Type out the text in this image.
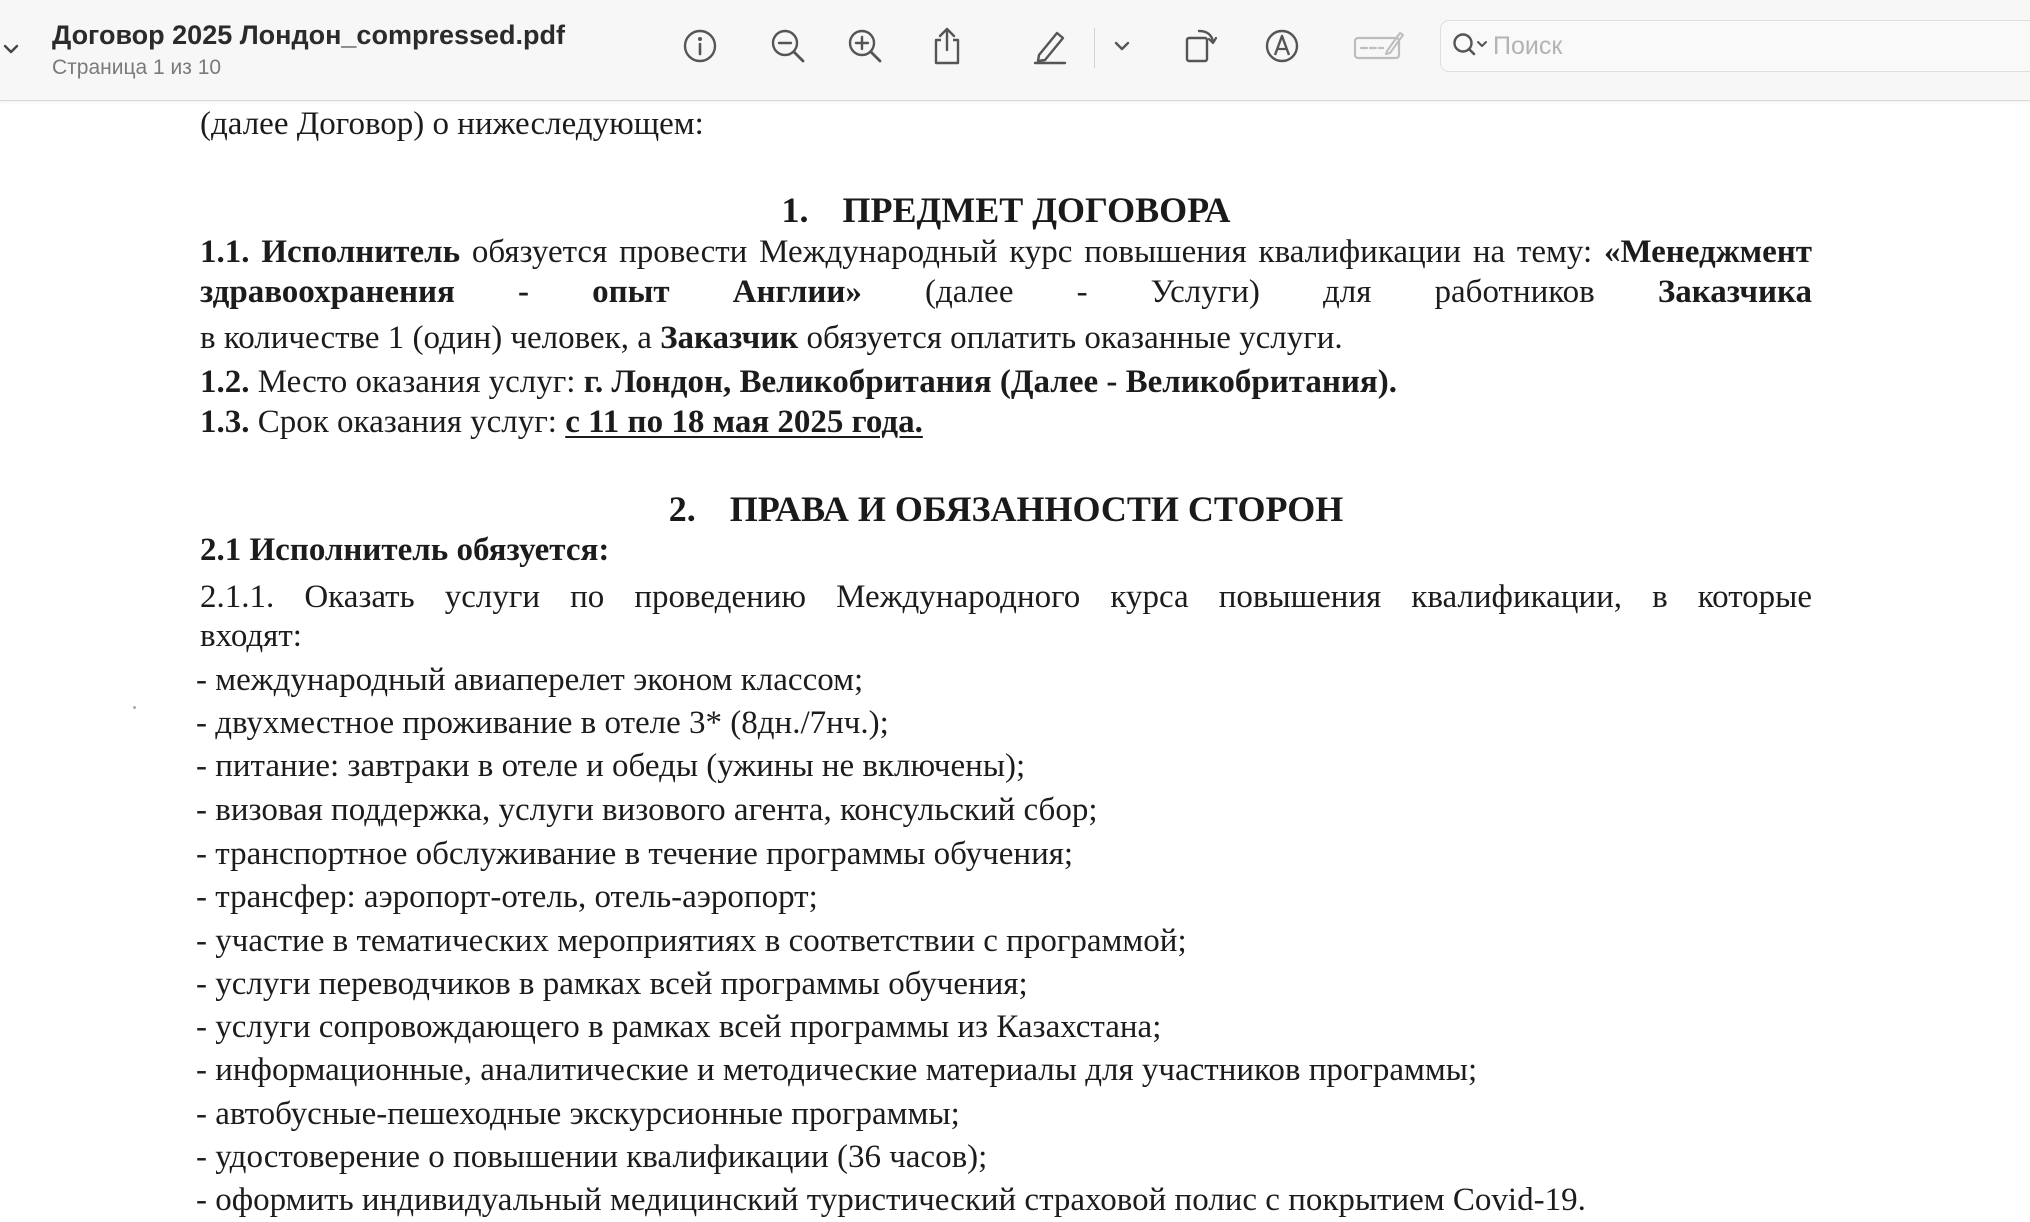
(далее Договор) о нижеследующем:
1. ПРЕДМЕТ ДОГОВОРА
1.1. Исполнитель обязуется провести Международный курс повышения квалификации на тему: «Менеджмент здравоохранения - опыт Англии» (далее - Услуги) для работников Заказчика
в количестве 1 (один) человек, а Заказчик обязуется оплатить оказанные услуги.
1.2. Место оказания услуг: г. Лондон, Великобритания (Далее - Великобритания).
1.3. Срок оказания услуг: с 11 по 18 мая 2025 года.
2. ПРАВА И ОБЯЗАННОСТИ СТОРОН
2.1 Исполнитель обязуется:
2.1.1. Оказать услуги по проведению Международного курса повышения квалификации, в которые
входят:
- международный авиаперелет эконом классом;
- двухместное проживание в отеле 3* (8дн./7нч.);
- питание: завтраки в отеле и обеды (ужины не включены);
- визовая поддержка, услуги визового агента, консульский сбор;
- транспортное обслуживание в течение программы обучения;
- трансфер: аэропорт-отель, отель-аэропорт;
- участие в тематических мероприятиях в соответствии с программой;
- услуги переводчиков в рамках всей программы обучения;
- услуги сопровождающего в рамках всей программы из Казахстана;
- информационные, аналитические и методические материалы для участников программы;
- автобусные-пешеходные экскурсионные программы;
- удостоверение о повышении квалификации (36 часов);
- оформить индивидуальный медицинский туристический страховой полис с покрытием Covid-19.
Договор 2025 Лондон_compressed.pdf
Страница 1 из 10
Поиск
